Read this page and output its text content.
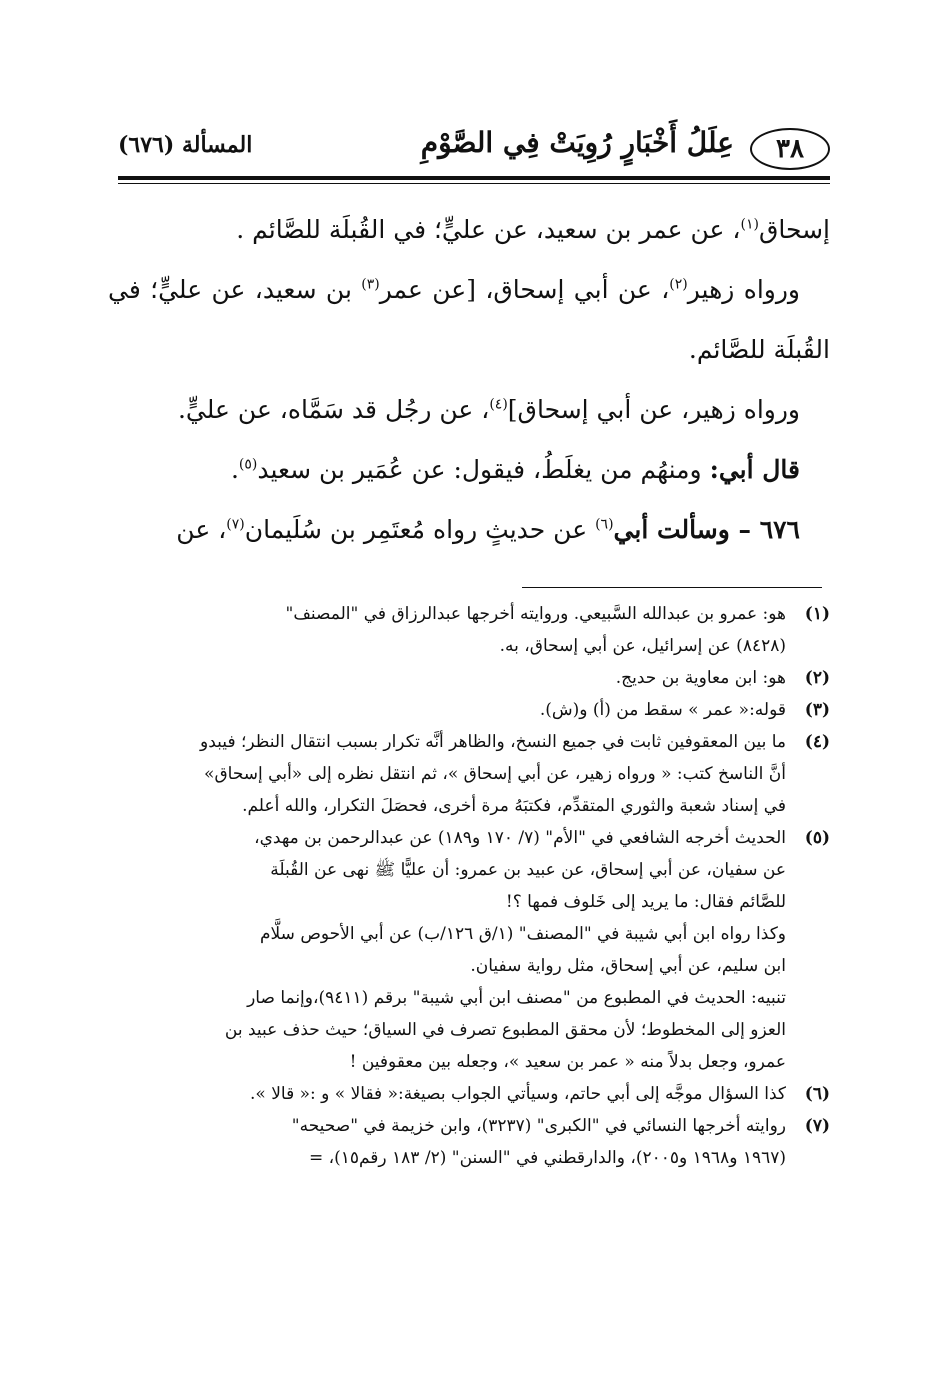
٣٨
عِلَلُ أَخْبَارٍ رُوِيَتْ فِي الصَّوْمِ
المسألة (٦٧٦)

إسحاق$^{(١)}$، عن عمر بن سعيد، عن عليٍّ؛ في القُبلَة للصَّائم .

ورواه زهير$^{(٢)}$، عن أبي إسحاق، [عن عمر$^{(٣)}$ بن سعيد، عن عليٍّ؛ في القُبلَة للصَّائم.

ورواه زهير، عن أبي إسحاق]$^{(٤)}$، عن رجُل قد سَمَّاه، عن عليٍّ.

قال أبي: ومنهُم من يغلَطُ، فيقول: عن عُمَير بن سعيد$^{(٥)}$.

٦٧٦ – وسألت أبي$^{(٦)}$ عن حديثٍ رواه مُعتَمِر بن سُلَيمان$^{(٧)}$، عن

(١)

هو: عمرو بن عبدالله السَّبيعي. وروايته أخرجها عبدالرزاق في "المصنف"

(٨٤٢٨) عن إسرائيل، عن أبي إسحاق، به.

(٢)

هو: ابن معاوية بن حديج.

(٣)

قوله:« عمر » سقط من (أ) و(ش).

(٤)

ما بين المعقوفين ثابت في جميع النسخ، والظاهر أنَّه تكرار بسبب انتقال النظر؛ فيبدو

أنَّ الناسخ كتب: « ورواه زهير، عن أبي إسحاق »، ثم انتقل نظره إلى «أبي إسحاق»

في إسناد شعبة والثوري المتقدِّم، فكتبَهُ مرة أخرى، فحصَلَ التكرار، والله أعلم.

(٥)

الحديث أخرجه الشافعي في "الأم" (٧/ ١٧٠ و١٨٩) عن عبدالرحمن بن مهدي،

عن سفيان، عن أبي إسحاق، عن عبيد بن عمرو: أن عليًّا ﷺ نهى عن القُبلَة

للصَّائم فقال: ما يريد إلى خَلوف فمها ؟!

وكذا رواه ابن أبي شيبة في "المصنف" (١/ق ١٢٦/ب) عن أبي الأحوص سلَّام

ابن سليم، عن أبي إسحاق، مثل رواية سفيان.

تنبيه: الحديث في المطبوع من "مصنف ابن أبي شيبة" برقم (٩٤١١)،وإنما صار

العزو إلى المخطوط؛ لأن محقق المطبوع تصرف في السياق؛ حيث حذف عبيد بن

عمرو، وجعل بدلاً منه « عمر بن سعيد »، وجعله بين معقوفين !

(٦)

كذا السؤال موجَّه إلى أبي حاتم، وسيأتي الجواب بصيغة:« فقالا » و :« قالا ».

(٧)

روايته أخرجها النسائي في "الكبرى" (٣٢٣٧)، وابن خزيمة في "صحيحه"

(١٩٦٧ و١٩٦٨ و٢٠٠٥)، والدارقطني في "السنن" (٢/ ١٨٣ رقم١٥)، =
